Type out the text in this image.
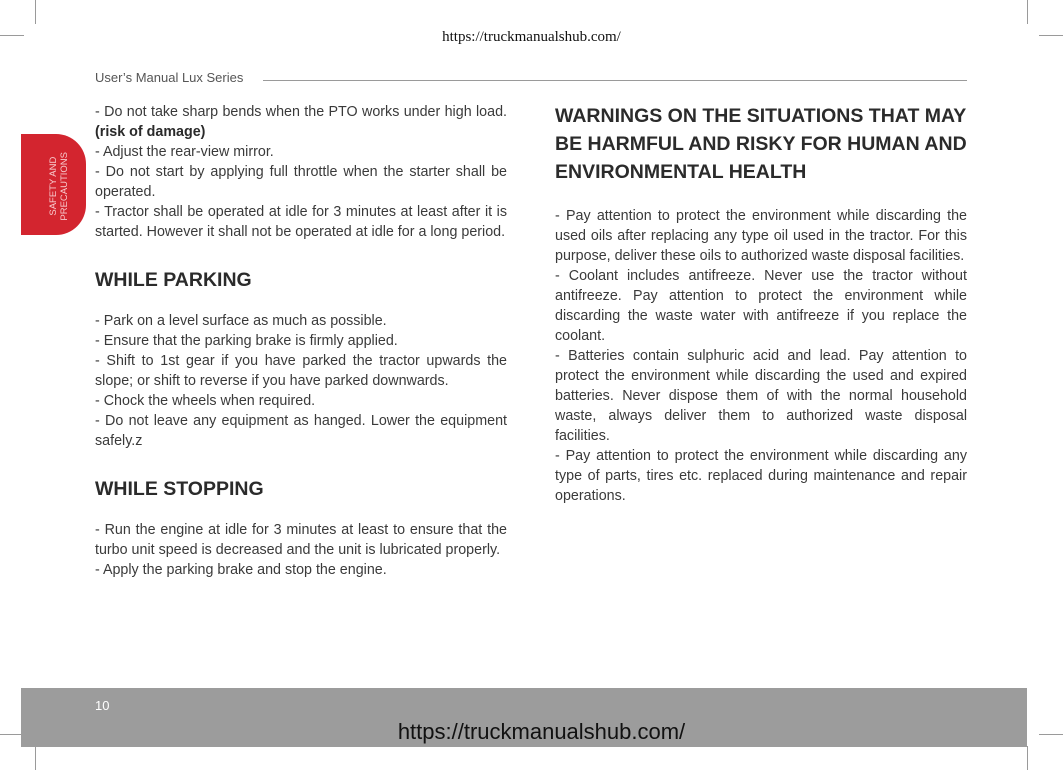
https://truckmanualshub.com/
User’s Manual Lux Series
SAFETY AND
PRECAUTIONS

- Do not take sharp bends when the PTO works under high load. (risk of damage)

- Adjust the rear-view mirror.

- Do not start by applying full throttle when the starter shall be operated.

- Tractor shall be operated at idle for 3 minutes at least after it is started. However it shall not be operated at idle for a long period.

WHILE PARKING

- Park on a level surface as much as possible.

- Ensure that the parking brake is firmly applied.

- Shift to 1st gear if you have parked the tractor upwards the slope; or shift to reverse if you have parked downwards.

- Chock the wheels when required.

- Do not leave any equipment as hanged. Lower the equipment safely.z

WHILE STOPPING

- Run the engine at idle for 3 minutes at least to ensure that the turbo unit speed is decreased and the unit is lubricated properly.

- Apply the parking brake and stop the engine.

WARNINGS ON THE SITUATIONS THAT MAY BE HARMFUL AND RISKY FOR HUMAN AND ENVIRONMENTAL HEALTH

- Pay attention to protect the environment while discarding the used oils after replacing any type oil used in the tractor. For this purpose, deliver these oils to authorized waste disposal facilities.

- Coolant includes antifreeze. Never use the tractor without antifreeze. Pay attention to protect the environment while discarding the waste water with antifreeze if you replace the coolant.

- Batteries contain sulphuric acid and lead. Pay attention to protect the environment while discarding the used and expired batteries. Never dispose them of with the normal household waste, always deliver them to authorized waste disposal facilities.

- Pay attention to protect the environment while discarding any type of parts, tires etc. replaced during maintenance and repair operations.

10
https://truckmanualshub.com/
